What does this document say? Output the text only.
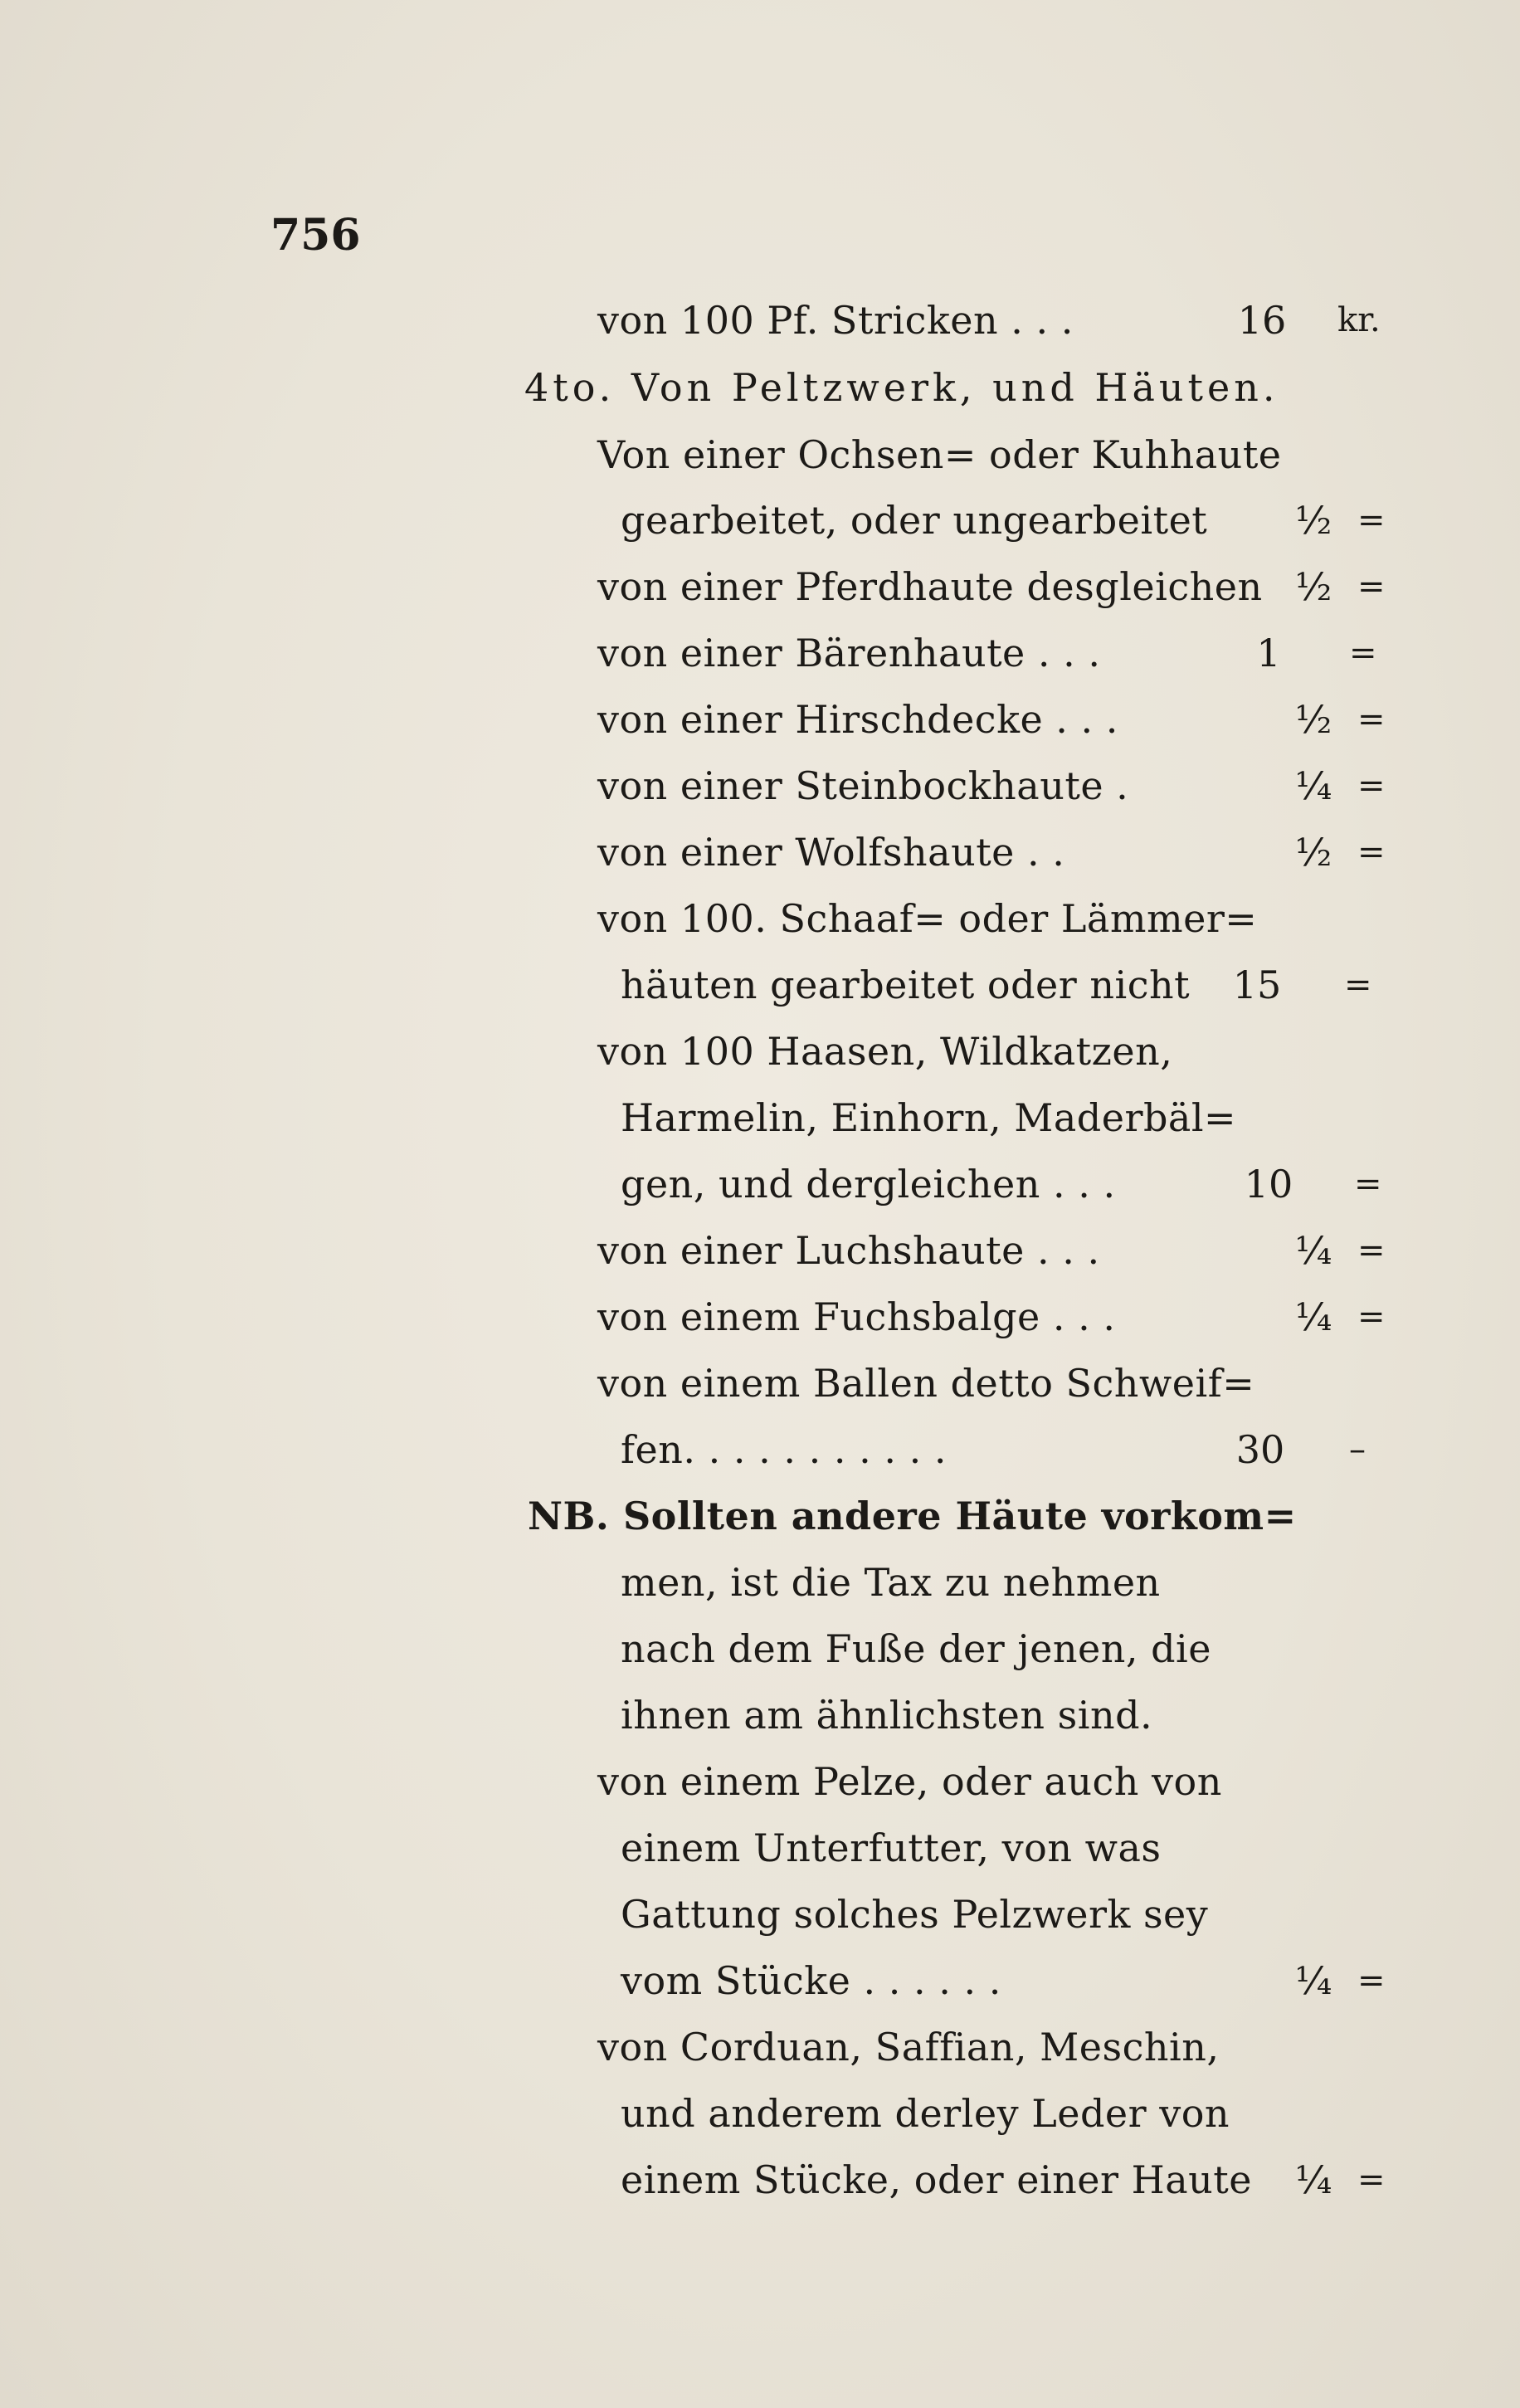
756
von 100 Pf. Stricken . . .	16	kr.
4to. Von Peltzwerk, und Häuten.
Von einer Ochsen= oder Kuhhaute
gearbeitet, oder ungearbeitet	½ =
von einer Pferdhaute desgleichen ½ =
von einer Bärenhaute . . .	1	=
von einer Hirschdecke . . .	½ =
von einer Steinbockhaute .	¼ =
von einer Wolfshaute . .	½ =
von 100. Schaaf= oder Lämmer=
häuten gearbeitet oder nicht	15	=
von 100 Haasen, Wildkatzen,
Harmelin, Einhorn, Maderbäl=
gen, und dergleichen . . .	10	=
von einer Luchshaute . . .	¼ =
von einem Fuchsbalge . . .	¼ =
von einem Ballen detto Schweif=
fen. . . . . . . . . . .	30	–
NB. Sollten andere Häute vorkom=
men, ist die Tax zu nehmen
nach dem Fuße der jenen, die
ihnen am ähnlichsten sind.
von einem Pelze, oder auch von
einem Unterfutter, von was
Gattung solches Pelzwerk sey
vom Stücke . . . . . .	¼ =
von Corduan, Saffian, Meschin,
und anderem derley Leder von
einem Stücke, oder einer Haute	¼ =
